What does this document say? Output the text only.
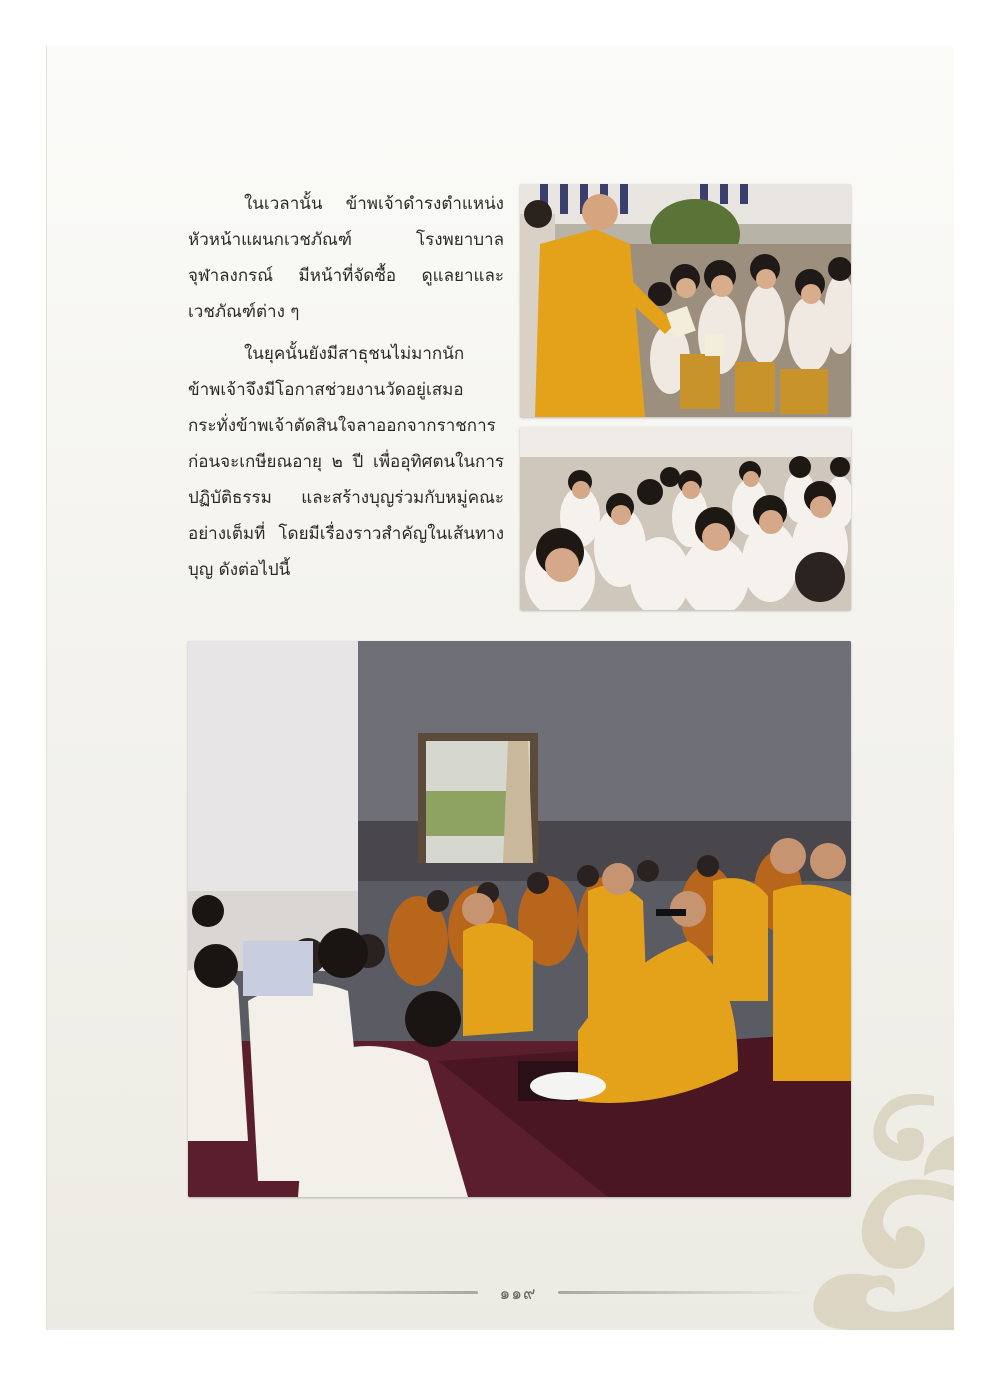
ในเวลานั้น ข้าพเจ้าดำรงตำแหน่งหัวหน้าแผนกเวชภัณฑ์ โรงพยาบาลจุฬาลงกรณ์ มีหน้าที่จัดซื้อ ดูแลยาและเวชภัณฑ์ต่าง ๆ

ในยุคนั้นยังมีสาธุชนไม่มากนัก ข้าพเจ้าจึงมีโอกาสช่วยงานวัดอยู่เสมอ กระทั่งข้าพเจ้าตัดสินใจลาออกจากราชการก่อนจะเกษียณอายุ ๒ ปี เพื่ออุทิศตนในการปฏิบัติธรรม และสร้างบุญร่วมกับหมู่คณะอย่างเต็มที่ โดยมีเรื่องราวสำคัญในเส้นทางบุญ ดังต่อไปนี้

๑๑๙
